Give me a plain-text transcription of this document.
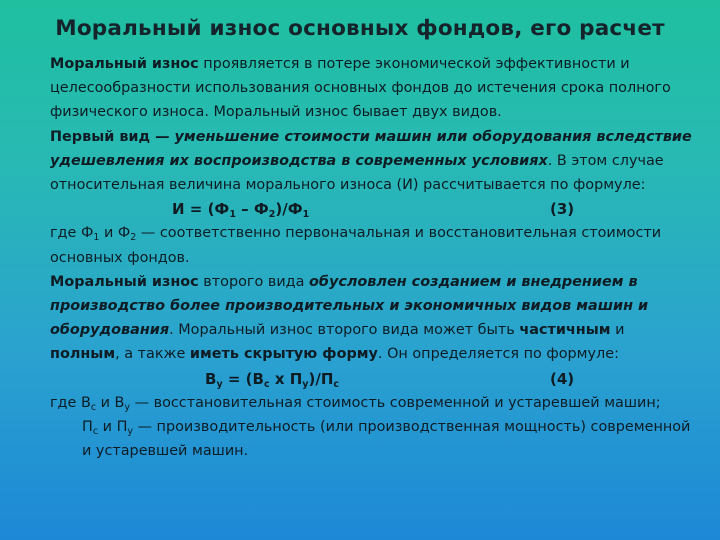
Моральный износ основных фондов, его расчет

Моральный износ проявляется в потере экономической эффективности и целесообразности использования основных фондов до истечения срока полного физического износа. Моральный износ бывает двух видов.

Первый вид — уменьшение стоимости машин или оборудования вследствие удешевления их воспроизводства в современных условиях. В этом случае относительная величина морального износа (И) рассчитывается по формуле:

$И = (Ф_1 - Ф_2)/Ф_1$	(3)

где $Ф_1$ и $Ф_2$ — соответственно первоначальная и восстановительная стоимости основных фондов.

Моральный износ второго вида обусловлен созданием и внедрением в производство более производительных и экономичных видов машин и оборудования. Моральный износ второго вида может быть частичным и полным, а также иметь скрытую форму. Он определяется по формуле:

$В_у = (В_с$ х $П_у)/П_с$	(4)

где $В_с$ и $В_у$ — восстановительная стоимость современной и устаревшей машин;

$П_с$ и $П_у$ — производительность (или производственная мощность) современной и устаревшей машин.
